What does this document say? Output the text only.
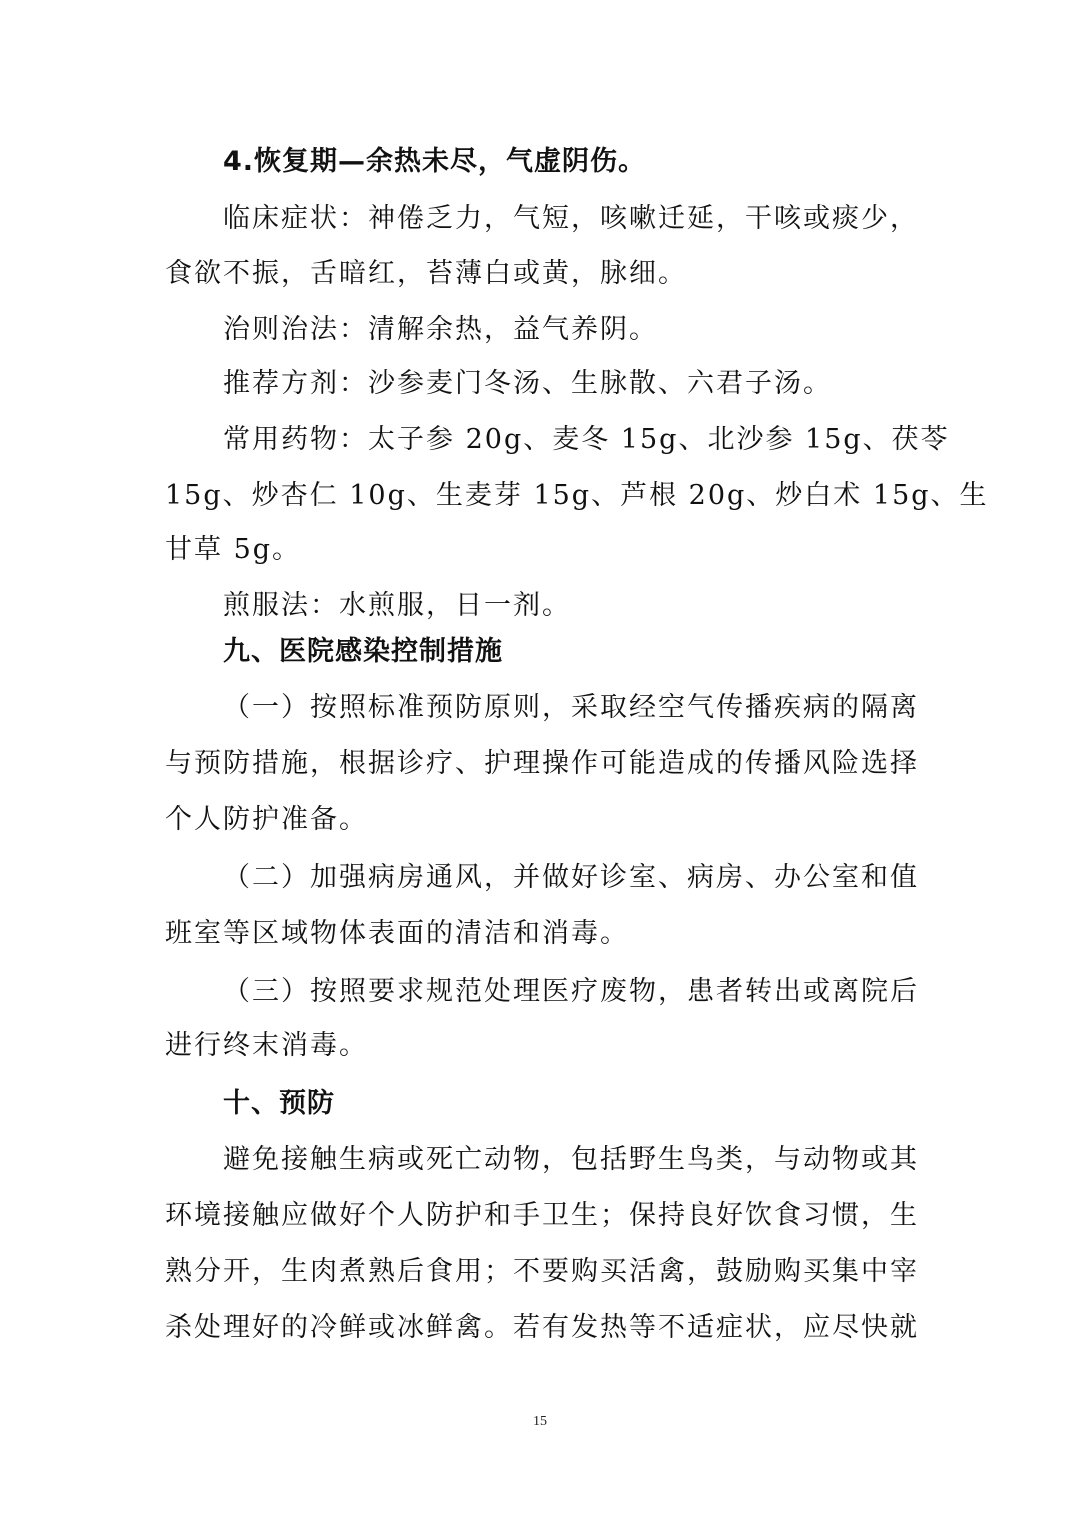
4.恢复期—余热未尽，气虚阴伤。
临床症状：神倦乏力，气短，咳嗽迁延，干咳或痰少，
食欲不振，舌暗红，苔薄白或黄，脉细。
治则治法：清解余热，益气养阴。
推荐方剂：沙参麦门冬汤、生脉散、六君子汤。
常用药物：太子参 20g、麦冬 15g、北沙参 15g、茯苓
15g、炒杏仁 10g、生麦芽 15g、芦根 20g、炒白术 15g、生
甘草 5g。
煎服法：水煎服，日一剂。
九、医院感染控制措施
（一）按照标准预防原则，采取经空气传播疾病的隔离
与预防措施，根据诊疗、护理操作可能造成的传播风险选择
个人防护准备。
（二）加强病房通风，并做好诊室、病房、办公室和值
班室等区域物体表面的清洁和消毒。
（三）按照要求规范处理医疗废物，患者转出或离院后
进行终末消毒。
十、预防
避免接触生病或死亡动物，包括野生鸟类，与动物或其
环境接触应做好个人防护和手卫生；保持良好饮食习惯，生
熟分开，生肉煮熟后食用；不要购买活禽，鼓励购买集中宰
杀处理好的冷鲜或冰鲜禽。若有发热等不适症状，应尽快就
15
